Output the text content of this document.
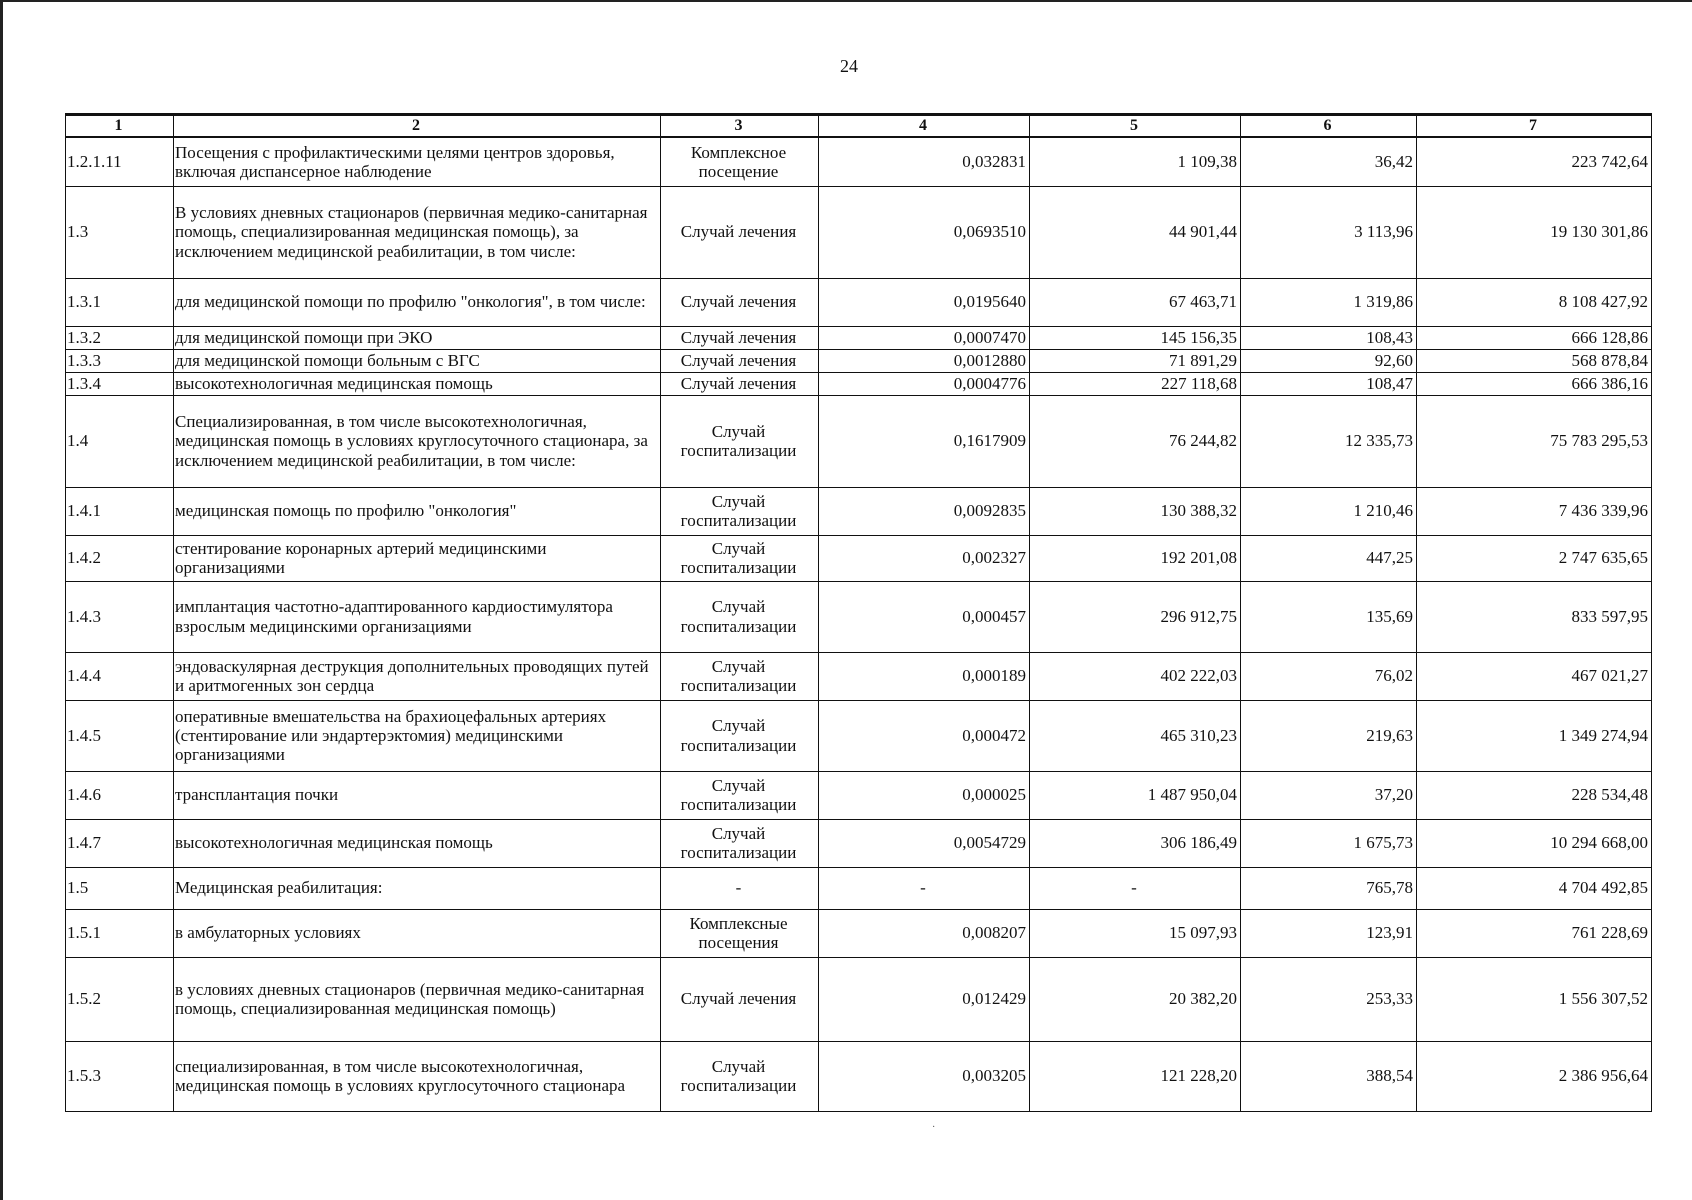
24
1	2	3	4	5	6	7
1.2.1.11	Посещения с профилактическими целями центров здоровья, включая диспансерное наблюдение	Комплексное посещение	0,032831	1 109,38	36,42	223 742,64
1.3	В условиях дневных стационаров (первичная медико-санитарная помощь, специализированная медицинская помощь), за исключением медицинской реабилитации, в том числе:	Случай лечения	0,0693510	44 901,44	3 113,96	19 130 301,86
1.3.1	для медицинской помощи по профилю "онкология", в том числе:	Случай лечения	0,0195640	67 463,71	1 319,86	8 108 427,92
1.3.2	для медицинской помощи при ЭКО	Случай лечения	0,0007470	145 156,35	108,43	666 128,86
1.3.3	для медицинской помощи больным с ВГС	Случай лечения	0,0012880	71 891,29	92,60	568 878,84
1.3.4	высокотехнологичная медицинская помощь	Случай лечения	0,0004776	227 118,68	108,47	666 386,16
1.4	Специализированная, в том числе высокотехнологичная, медицинская помощь в условиях круглосуточного стационара, за исключением медицинской реабилитации, в том числе:	Случай госпитализации	0,1617909	76 244,82	12 335,73	75 783 295,53
1.4.1	медицинская помощь по профилю "онкология"	Случай госпитализации	0,0092835	130 388,32	1 210,46	7 436 339,96
1.4.2	стентирование коронарных артерий медицинскими организациями	Случай госпитализации	0,002327	192 201,08	447,25	2 747 635,65
1.4.3	имплантация частотно-адаптированного кардиостимулятора взрослым медицинскими организациями	Случай госпитализации	0,000457	296 912,75	135,69	833 597,95
1.4.4	эндоваскулярная деструкция дополнительных проводящих путей и аритмогенных зон сердца	Случай госпитализации	0,000189	402 222,03	76,02	467 021,27
1.4.5	оперативные вмешательства на брахиоцефальных артериях (стентирование или эндартерэктомия) медицинскими организациями	Случай госпитализации	0,000472	465 310,23	219,63	1 349 274,94
1.4.6	трансплантация почки	Случай госпитализации	0,000025	1 487 950,04	37,20	228 534,48
1.4.7	высокотехнологичная медицинская помощь	Случай госпитализации	0,0054729	306 186,49	1 675,73	10 294 668,00
1.5	Медицинская реабилитация:	-	-	-	765,78	4 704 492,85
1.5.1	в амбулаторных условиях	Комплексные посещения	0,008207	15 097,93	123,91	761 228,69
1.5.2	в условиях дневных стационаров (первичная медико-санитарная помощь, специализированная медицинская помощь)	Случай лечения	0,012429	20 382,20	253,33	1 556 307,52
1.5.3	специализированная, в том числе высокотехнологичная, медицинская помощь в условиях круглосуточного стационара	Случай госпитализации	0,003205	121 228,20	388,54	2 386 956,64
·
